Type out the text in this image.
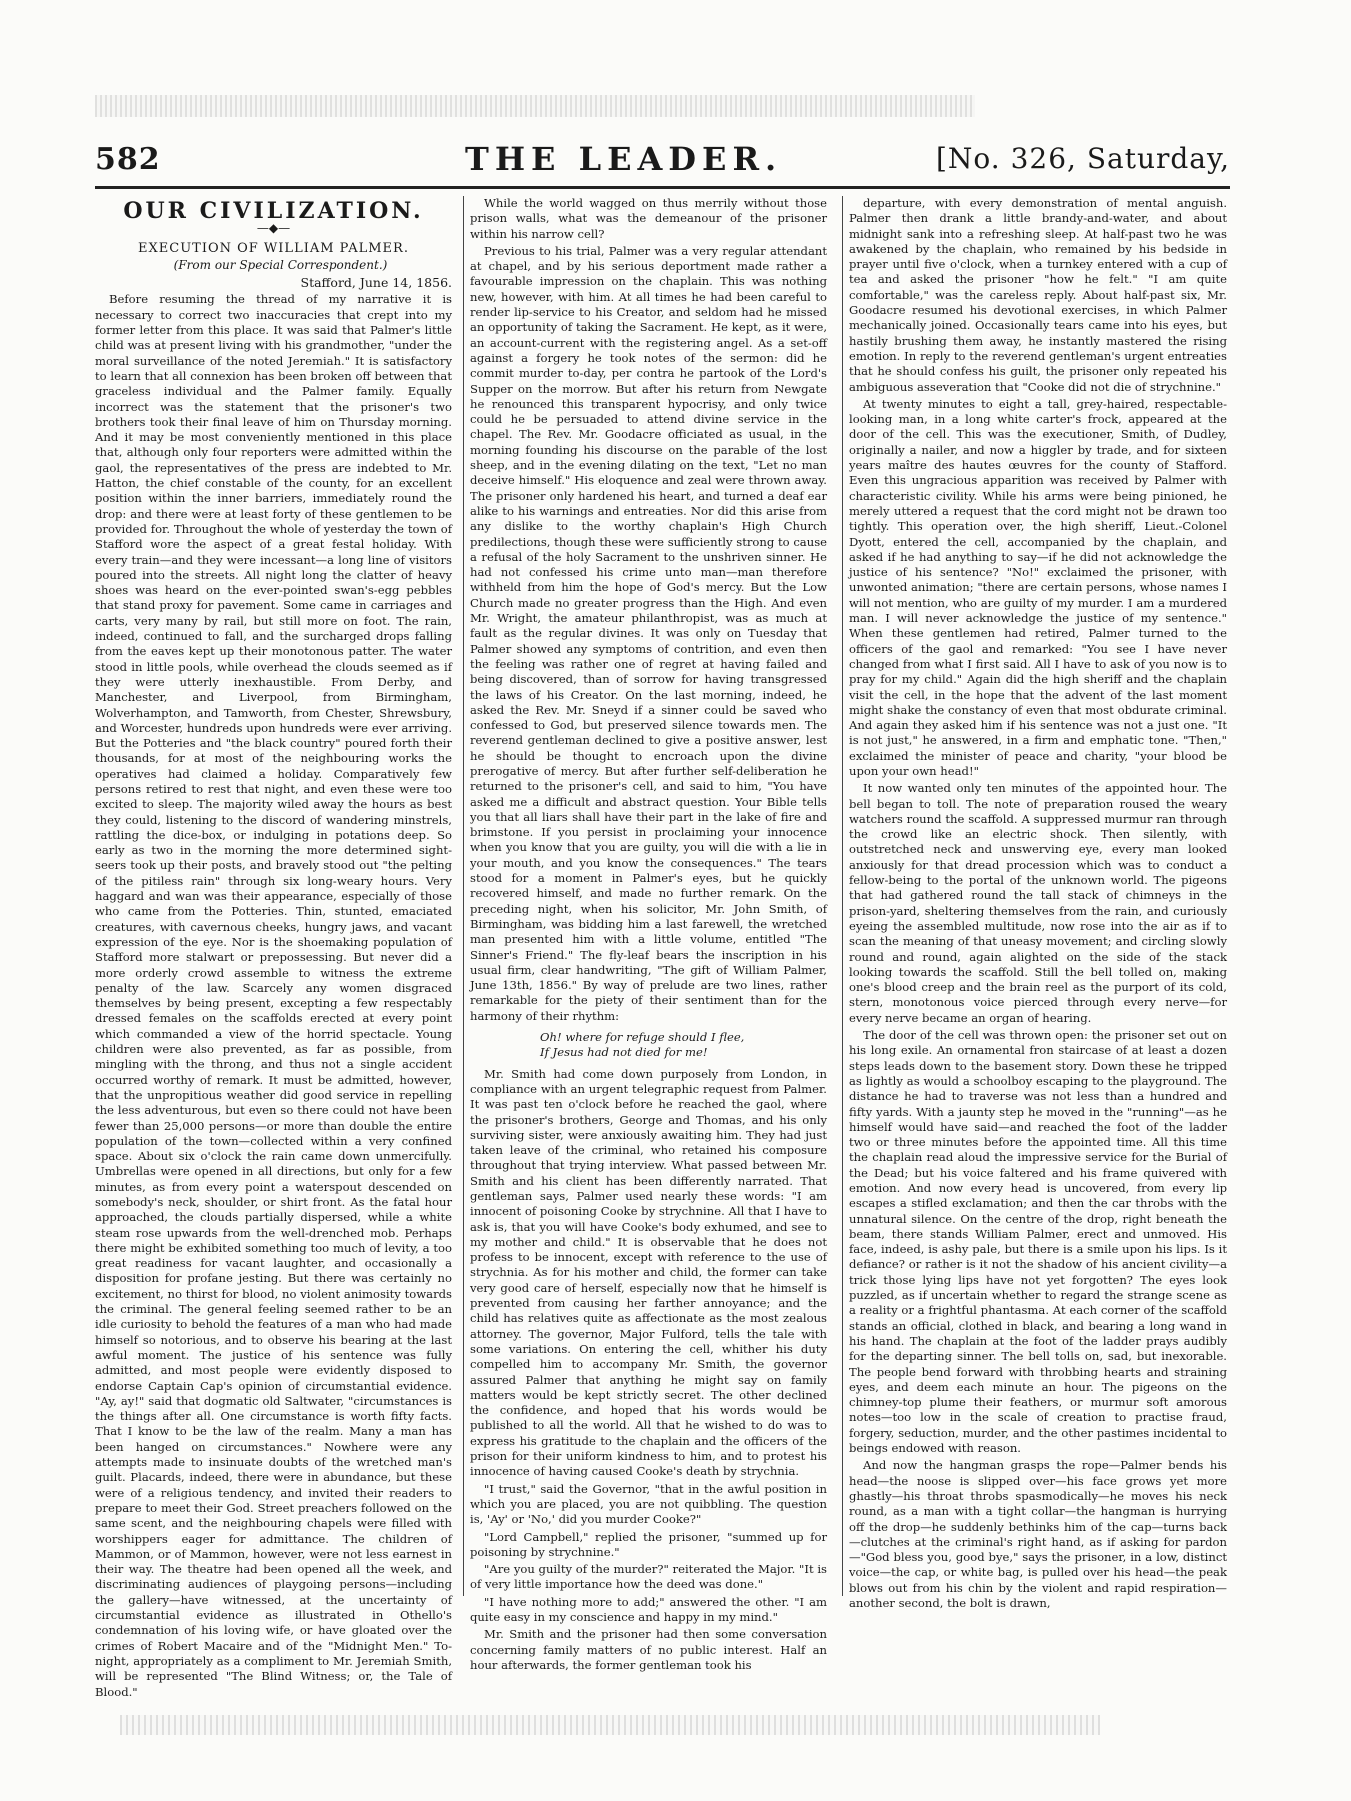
582	THE LEADER.	[No. 326, Saturday,
OUR CIVILIZATION.
—◆—
EXECUTION OF WILLIAM PALMER.

(From our Special Correspondent.)

Stafford, June 14, 1856.

Before resuming the thread of my narrative it is necessary to correct two inaccuracies that crept into my former letter from this place. It was said that Palmer's little child was at present living with his grandmother, "under the moral surveillance of the noted Jeremiah." It is satisfactory to learn that all connexion has been broken off between that graceless individual and the Palmer family. Equally incorrect was the statement that the prisoner's two brothers took their final leave of him on Thursday morning. And it may be most conveniently mentioned in this place that, although only four reporters were admitted within the gaol, the representatives of the press are indebted to Mr. Hatton, the chief constable of the county, for an excellent position within the inner barriers, immediately round the drop: and there were at least forty of these gentlemen to be provided for. Throughout the whole of yesterday the town of Stafford wore the aspect of a great festal holiday. With every train—and they were incessant—a long line of visitors poured into the streets. All night long the clatter of heavy shoes was heard on the ever-pointed swan's-egg pebbles that stand proxy for pavement. Some came in carriages and carts, very many by rail, but still more on foot. The rain, indeed, continued to fall, and the surcharged drops falling from the eaves kept up their monotonous patter. The water stood in little pools, while overhead the clouds seemed as if they were utterly inexhaustible. From Derby, and Manchester, and Liverpool, from Birmingham, Wolverhampton, and Tamworth, from Chester, Shrewsbury, and Worcester, hundreds upon hundreds were ever arriving. But the Potteries and "the black country" poured forth their thousands, for at most of the neighbouring works the operatives had claimed a holiday. Comparatively few persons retired to rest that night, and even these were too excited to sleep. The majority wiled away the hours as best they could, listening to the discord of wandering minstrels, rattling the dice-box, or indulging in potations deep. So early as two in the morning the more determined sight-seers took up their posts, and bravely stood out "the pelting of the pitiless rain" through six long-weary hours. Very haggard and wan was their appearance, especially of those who came from the Potteries. Thin, stunted, emaciated creatures, with cavernous cheeks, hungry jaws, and vacant expression of the eye. Nor is the shoemaking population of Stafford more stalwart or prepossessing. But never did a more orderly crowd assemble to witness the extreme penalty of the law. Scarcely any women disgraced themselves by being present, excepting a few respectably dressed females on the scaffolds erected at every point which commanded a view of the horrid spectacle. Young children were also prevented, as far as possible, from mingling with the throng, and thus not a single accident occurred worthy of remark. It must be admitted, however, that the unpropitious weather did good service in repelling the less adventurous, but even so there could not have been fewer than 25,000 persons—or more than double the entire population of the town—collected within a very confined space. About six o'clock the rain came down unmercifully. Umbrellas were opened in all directions, but only for a few minutes, as from every point a waterspout descended on somebody's neck, shoulder, or shirt front. As the fatal hour approached, the clouds partially dispersed, while a white steam rose upwards from the well-drenched mob. Perhaps there might be exhibited something too much of levity, a too great readiness for vacant laughter, and occasionally a disposition for profane jesting. But there was certainly no excitement, no thirst for blood, no violent animosity towards the criminal. The general feeling seemed rather to be an idle curiosity to behold the features of a man who had made himself so notorious, and to observe his bearing at the last awful moment. The justice of his sentence was fully admitted, and most people were evidently disposed to endorse Captain Cap's opinion of circumstantial evidence. "Ay, ay!" said that dogmatic old Saltwater, "circumstances is the things after all. One circumstance is worth fifty facts. That I know to be the law of the realm. Many a man has been hanged on circumstances." Nowhere were any attempts made to insinuate doubts of the wretched man's guilt. Placards, indeed, there were in abundance, but these were of a religious tendency, and invited their readers to prepare to meet their God. Street preachers followed on the same scent, and the neighbouring chapels were filled with worshippers eager for admittance. The children of Mammon, or of Mammon, however, were not less earnest in their way. The theatre had been opened all the week, and discriminating audiences of playgoing persons—including the gallery—have witnessed, at the uncertainty of circumstantial evidence as illustrated in Othello's condemnation of his loving wife, or have gloated over the crimes of Robert Macaire and of the "Midnight Men." To-night, appropriately as a compliment to Mr. Jeremiah Smith, will be represented "The Blind Witness; or, the Tale of Blood."

While the world wagged on thus merrily without those prison walls, what was the demeanour of the prisoner within his narrow cell?

Previous to his trial, Palmer was a very regular attendant at chapel, and by his serious deportment made rather a favourable impression on the chaplain. This was nothing new, however, with him. At all times he had been careful to render lip-service to his Creator, and seldom had he missed an opportunity of taking the Sacrament. He kept, as it were, an account-current with the registering angel. As a set-off against a forgery he took notes of the sermon: did he commit murder to-day, per contra he partook of the Lord's Supper on the morrow. But after his return from Newgate he renounced this transparent hypocrisy, and only twice could he be persuaded to attend divine service in the chapel. The Rev. Mr. Goodacre officiated as usual, in the morning founding his discourse on the parable of the lost sheep, and in the evening dilating on the text, "Let no man deceive himself." His eloquence and zeal were thrown away. The prisoner only hardened his heart, and turned a deaf ear alike to his warnings and entreaties. Nor did this arise from any dislike to the worthy chaplain's High Church predilections, though these were sufficiently strong to cause a refusal of the holy Sacrament to the unshriven sinner. He had not confessed his crime unto man—man therefore withheld from him the hope of God's mercy. But the Low Church made no greater progress than the High. And even Mr. Wright, the amateur philanthropist, was as much at fault as the regular divines. It was only on Tuesday that Palmer showed any symptoms of contrition, and even then the feeling was rather one of regret at having failed and being discovered, than of sorrow for having transgressed the laws of his Creator. On the last morning, indeed, he asked the Rev. Mr. Sneyd if a sinner could be saved who confessed to God, but preserved silence towards men. The reverend gentleman declined to give a positive answer, lest he should be thought to encroach upon the divine prerogative of mercy. But after further self-deliberation he returned to the prisoner's cell, and said to him, "You have asked me a difficult and abstract question. Your Bible tells you that all liars shall have their part in the lake of fire and brimstone. If you persist in proclaiming your innocence when you know that you are guilty, you will die with a lie in your mouth, and you know the consequences." The tears stood for a moment in Palmer's eyes, but he quickly recovered himself, and made no further remark. On the preceding night, when his solicitor, Mr. John Smith, of Birmingham, was bidding him a last farewell, the wretched man presented him with a little volume, entitled "The Sinner's Friend." The fly-leaf bears the inscription in his usual firm, clear handwriting, "The gift of William Palmer, June 13th, 1856." By way of prelude are two lines, rather remarkable for the piety of their sentiment than for the harmony of their rhythm:

Oh! where for refuge should I flee,
If Jesus had not died for me!

Mr. Smith had come down purposely from London, in compliance with an urgent telegraphic request from Palmer. It was past ten o'clock before he reached the gaol, where the prisoner's brothers, George and Thomas, and his only surviving sister, were anxiously awaiting him. They had just taken leave of the criminal, who retained his composure throughout that trying interview. What passed between Mr. Smith and his client has been differently narrated. That gentleman says, Palmer used nearly these words: "I am innocent of poisoning Cooke by strychnine. All that I have to ask is, that you will have Cooke's body exhumed, and see to my mother and child." It is observable that he does not profess to be innocent, except with reference to the use of strychnia. As for his mother and child, the former can take very good care of herself, especially now that he himself is prevented from causing her farther annoyance; and the child has relatives quite as affectionate as the most zealous attorney. The governor, Major Fulford, tells the tale with some variations. On entering the cell, whither his duty compelled him to accompany Mr. Smith, the governor assured Palmer that anything he might say on family matters would be kept strictly secret. The other declined the confidence, and hoped that his words would be published to all the world. All that he wished to do was to express his gratitude to the chaplain and the officers of the prison for their uniform kindness to him, and to protest his innocence of having caused Cooke's death by strychnia.

"I trust," said the Governor, "that in the awful position in which you are placed, you are not quibbling. The question is, 'Ay' or 'No,' did you murder Cooke?"

"Lord Campbell," replied the prisoner, "summed up for poisoning by strychnine."

"Are you guilty of the murder?" reiterated the Major. "It is of very little importance how the deed was done."

"I have nothing more to add;" answered the other. "I am quite easy in my conscience and happy in my mind."

Mr. Smith and the prisoner had then some conversation concerning family matters of no public interest. Half an hour afterwards, the former gentleman took his

departure, with every demonstration of mental anguish. Palmer then drank a little brandy-and-water, and about midnight sank into a refreshing sleep. At half-past two he was awakened by the chaplain, who remained by his bedside in prayer until five o'clock, when a turnkey entered with a cup of tea and asked the prisoner "how he felt." "I am quite comfortable," was the careless reply. About half-past six, Mr. Goodacre resumed his devotional exercises, in which Palmer mechanically joined. Occasionally tears came into his eyes, but hastily brushing them away, he instantly mastered the rising emotion. In reply to the reverend gentleman's urgent entreaties that he should confess his guilt, the prisoner only repeated his ambiguous asseveration that "Cooke did not die of strychnine."

At twenty minutes to eight a tall, grey-haired, respectable-looking man, in a long white carter's frock, appeared at the door of the cell. This was the executioner, Smith, of Dudley, originally a nailer, and now a higgler by trade, and for sixteen years maître des hautes œuvres for the county of Stafford. Even this ungracious apparition was received by Palmer with characteristic civility. While his arms were being pinioned, he merely uttered a request that the cord might not be drawn too tightly. This operation over, the high sheriff, Lieut.-Colonel Dyott, entered the cell, accompanied by the chaplain, and asked if he had anything to say—if he did not acknowledge the justice of his sentence? "No!" exclaimed the prisoner, with unwonted animation; "there are certain persons, whose names I will not mention, who are guilty of my murder. I am a murdered man. I will never acknowledge the justice of my sentence." When these gentlemen had retired, Palmer turned to the officers of the gaol and remarked: "You see I have never changed from what I first said. All I have to ask of you now is to pray for my child." Again did the high sheriff and the chaplain visit the cell, in the hope that the advent of the last moment might shake the constancy of even that most obdurate criminal. And again they asked him if his sentence was not a just one. "It is not just," he answered, in a firm and emphatic tone. "Then," exclaimed the minister of peace and charity, "your blood be upon your own head!"

It now wanted only ten minutes of the appointed hour. The bell began to toll. The note of preparation roused the weary watchers round the scaffold. A suppressed murmur ran through the crowd like an electric shock. Then silently, with outstretched neck and unswerving eye, every man looked anxiously for that dread procession which was to conduct a fellow-being to the portal of the unknown world. The pigeons that had gathered round the tall stack of chimneys in the prison-yard, sheltering themselves from the rain, and curiously eyeing the assembled multitude, now rose into the air as if to scan the meaning of that uneasy movement; and circling slowly round and round, again alighted on the side of the stack looking towards the scaffold. Still the bell tolled on, making one's blood creep and the brain reel as the purport of its cold, stern, monotonous voice pierced through every nerve—for every nerve became an organ of hearing.

The door of the cell was thrown open: the prisoner set out on his long exile. An ornamental fron staircase of at least a dozen steps leads down to the basement story. Down these he tripped as lightly as would a schoolboy escaping to the playground. The distance he had to traverse was not less than a hundred and fifty yards. With a jaunty step he moved in the "running"—as he himself would have said—and reached the foot of the ladder two or three minutes before the appointed time. All this time the chaplain read aloud the impressive service for the Burial of the Dead; but his voice faltered and his frame quivered with emotion. And now every head is uncovered, from every lip escapes a stifled exclamation; and then the car throbs with the unnatural silence. On the centre of the drop, right beneath the beam, there stands William Palmer, erect and unmoved. His face, indeed, is ashy pale, but there is a smile upon his lips. Is it defiance? or rather is it not the shadow of his ancient civility—a trick those lying lips have not yet forgotten? The eyes look puzzled, as if uncertain whether to regard the strange scene as a reality or a frightful phantasma. At each corner of the scaffold stands an official, clothed in black, and bearing a long wand in his hand. The chaplain at the foot of the ladder prays audibly for the departing sinner. The bell tolls on, sad, but inexorable. The people bend forward with throbbing hearts and straining eyes, and deem each minute an hour. The pigeons on the chimney-top plume their feathers, or murmur soft amorous notes—too low in the scale of creation to practise fraud, forgery, seduction, murder, and the other pastimes incidental to beings endowed with reason.

And now the hangman grasps the rope—Palmer bends his head—the noose is slipped over—his face grows yet more ghastly—his throat throbs spasmodically—he moves his neck round, as a man with a tight collar—the hangman is hurrying off the drop—he suddenly bethinks him of the cap—turns back—clutches at the criminal's right hand, as if asking for pardon—"God bless you, good bye," says the prisoner, in a low, distinct voice—the cap, or white bag, is pulled over his head—the peak blows out from his chin by the violent and rapid respiration—another second, the bolt is drawn,
